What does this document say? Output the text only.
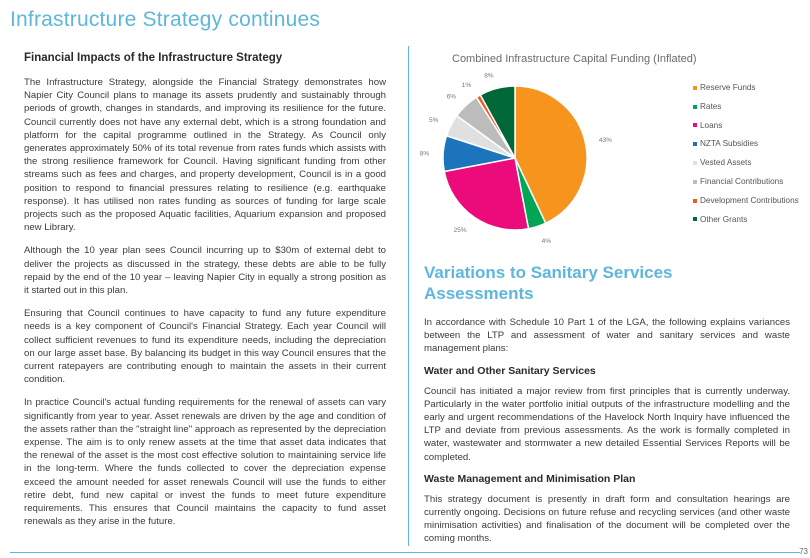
Infrastructure Strategy continues
Financial Impacts of the Infrastructure Strategy

The Infrastructure Strategy, alongside the Financial Strategy demonstrates how Napier City Council plans to manage its assets prudently and sustainably through periods of growth, changes in standards, and improving its resilience for the future. Council currently does not have any external debt, which is a strong foundation and platform for the capital programme outlined in the Strategy. As Council only generates approximately 50% of its total revenue from rates funds which assists with the strong resilience framework for Council. Having significant funding from other streams such as fees and charges, and property development, Council is in a good position to respond to financial pressures relating to resilience (e.g. earthquake response). It has utilised non rates funding as sources of funding for large scale projects such as the proposed Aquatic facilities, Aquarium expansion and proposed new Library.

Although the 10 year plan sees Council incurring up to $30m of external debt to deliver the projects as discussed in the strategy, these debts are able to be fully repaid by the end of the 10 year – leaving Napier City in equally a strong position as it started out in this plan.

Ensuring that Council continues to have capacity to fund any future expenditure needs is a key component of Council's Financial Strategy. Each year Council will collect sufficient revenues to fund its expenditure needs, including the depreciation on our large asset base. By balancing its budget in this way Council ensures that the current ratepayers are contributing enough to maintain the assets in their current condition.

In practice Council's actual funding requirements for the renewal of assets can vary significantly from year to year. Asset renewals are driven by the age and condition of the assets rather than the "straight line" approach as represented by the depreciation expense. The aim is to only renew assets at the time that asset data indicates that the renewal of the asset is the most cost effective solution to maintaining service life in the long-term. Where the funds collected to cover the depreciation expense exceed the amount needed for asset renewals Council will use the funds to either retire debt, fund new capital or invest the funds to meet future expenditure requirements. This ensures that Council maintains the capacity to fund asset renewals as they arise in the future.

Combined Infrastructure Capital Funding (Inflated)
43%
4%
25%
8%
5%
6%
1%
8%
Reserve Funds
Rates
Loans
NZTA Subsidies
Vested Assets
Financial Contributions
Development Contributions
Other Grants
Variations to Sanitary Services Assessments

In accordance with Schedule 10 Part 1 of the LGA, the following explains variances between the LTP and assessment of water and sanitary services and waste management plans:

Water and Other Sanitary Services

Council has initiated a major review from first principles that is currently underway. Particularly in the water portfolio initial outputs of the infrastructure modelling and the early and urgent recommendations of the Havelock North Inquiry have influenced the LTP and deviate from previous assessments. As the work is formally completed in water, wastewater and stormwater a new detailed Essential Services Reports will be completed.

Waste Management and Minimisation Plan

This strategy document is presently in draft form and consultation hearings are currently ongoing. Decisions on future refuse and recycling services (and other waste minimisation activities) and finalisation of the document will be completed over the coming months.

73
